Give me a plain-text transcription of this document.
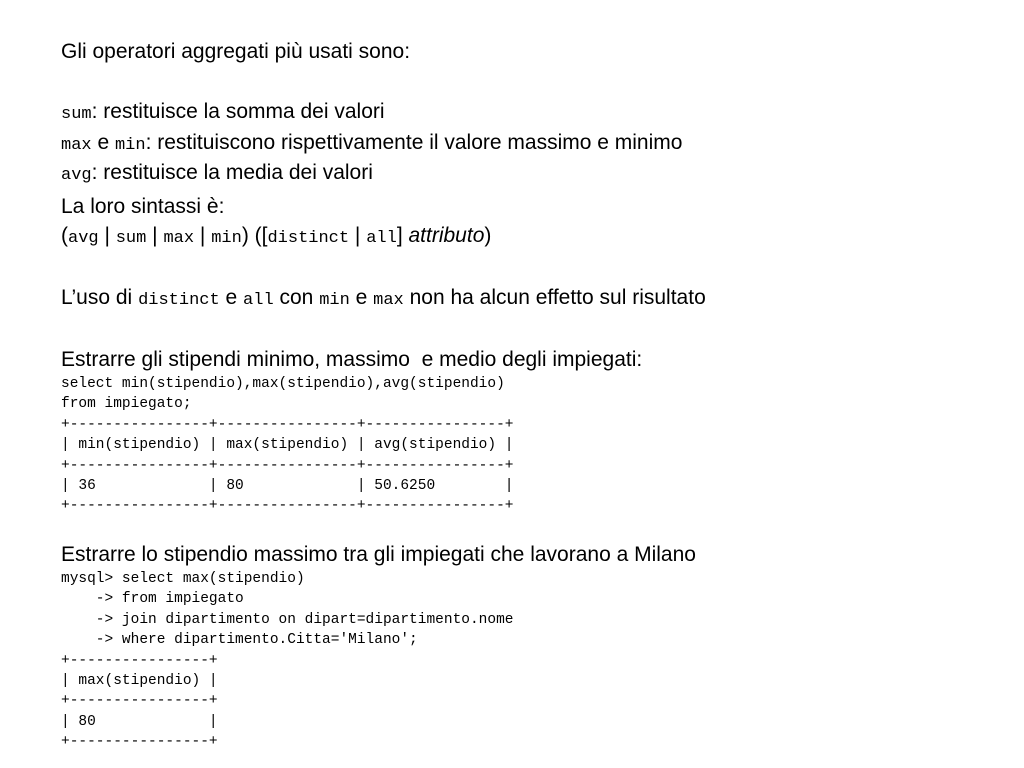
Gli operatori aggregati più usati sono:
sum: restituisce la somma dei valori
max e min: restituiscono rispettivamente il valore massimo e minimo
avg: restituisce la media dei valori
La loro sintassi è:
(avg | sum | max | min) ([distinct | all] attributo)
L’uso di distinct e all con min e max non ha alcun effetto sul risultato
Estrarre gli stipendi minimo, massimo  e medio degli impiegati:
select min(stipendio),max(stipendio),avg(stipendio)
from impiegato;
+----------------+----------------+----------------+
| min(stipendio) | max(stipendio) | avg(stipendio) |
+----------------+----------------+----------------+
| 36             | 80             | 50.6250        |
+----------------+----------------+----------------+
Estrarre lo stipendio massimo tra gli impiegati che lavorano a Milano
mysql> select max(stipendio)
-> from impiegato
-> join dipartimento on dipart=dipartimento.nome
-> where dipartimento.Citta='Milano';
+----------------+
| max(stipendio) |
+----------------+
| 80             |
+----------------+
